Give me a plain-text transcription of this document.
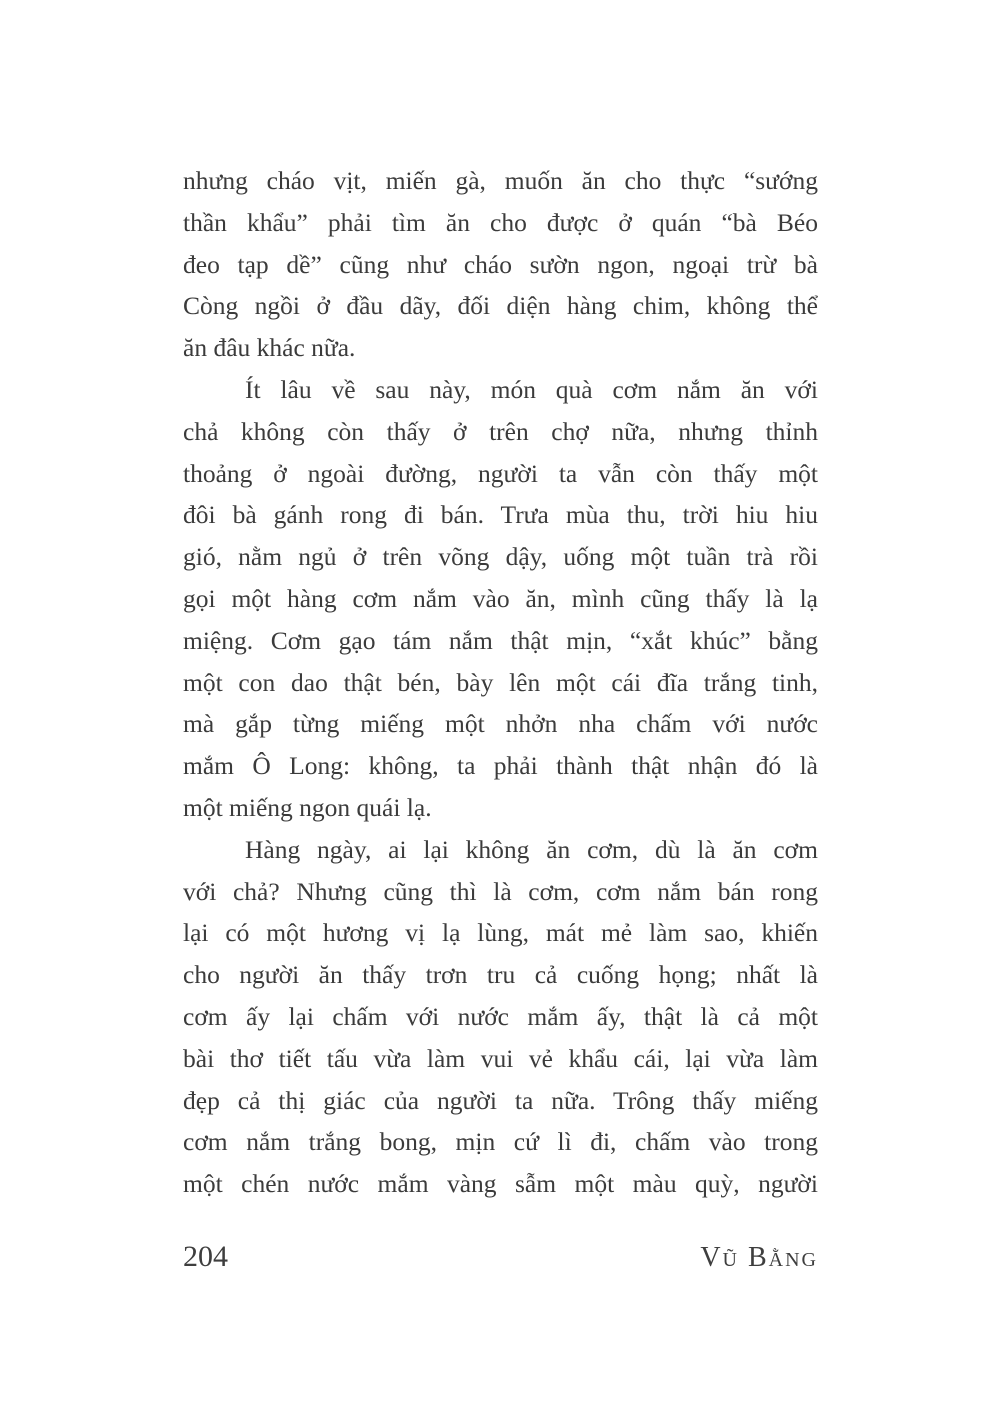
nhưng cháo vịt, miến gà, muốn ăn cho thực “sướng
thần khẩu” phải tìm ăn cho được ở quán “bà Béo
đeo tạp dề” cũng như cháo sườn ngon, ngoại trừ bà
Còng ngồi ở đầu dãy, đối diện hàng chim, không thể
ăn đâu khác nữa.
Ít lâu về sau này, món quà cơm nắm ăn với
chả không còn thấy ở trên chợ nữa, nhưng thỉnh
thoảng ở ngoài đường, người ta vẫn còn thấy một
đôi bà gánh rong đi bán. Trưa mùa thu, trời hiu hiu
gió, nằm ngủ ở trên võng dậy, uống một tuần trà rồi
gọi một hàng cơm nắm vào ăn, mình cũng thấy là lạ
miệng. Cơm gạo tám nắm thật mịn, “xắt khúc” bằng
một con dao thật bén, bày lên một cái đĩa trắng tinh,
mà gắp từng miếng một nhởn nha chấm với nước
mắm Ô Long: không, ta phải thành thật nhận đó là
một miếng ngon quái lạ.
Hàng ngày, ai lại không ăn cơm, dù là ăn cơm
với chả? Nhưng cũng thì là cơm, cơm nắm bán rong
lại có một hương vị lạ lùng, mát mẻ làm sao, khiến
cho người ăn thấy trơn tru cả cuống họng; nhất là
cơm ấy lại chấm với nước mắm ấy, thật là cả một
bài thơ tiết tấu vừa làm vui vẻ khẩu cái, lại vừa làm
đẹp cả thị giác của người ta nữa. Trông thấy miếng
cơm nắm trắng bong, mịn cứ lì đi, chấm vào trong
một chén nước mắm vàng sẫm một màu quỳ, người
204	Vũ Bằng
